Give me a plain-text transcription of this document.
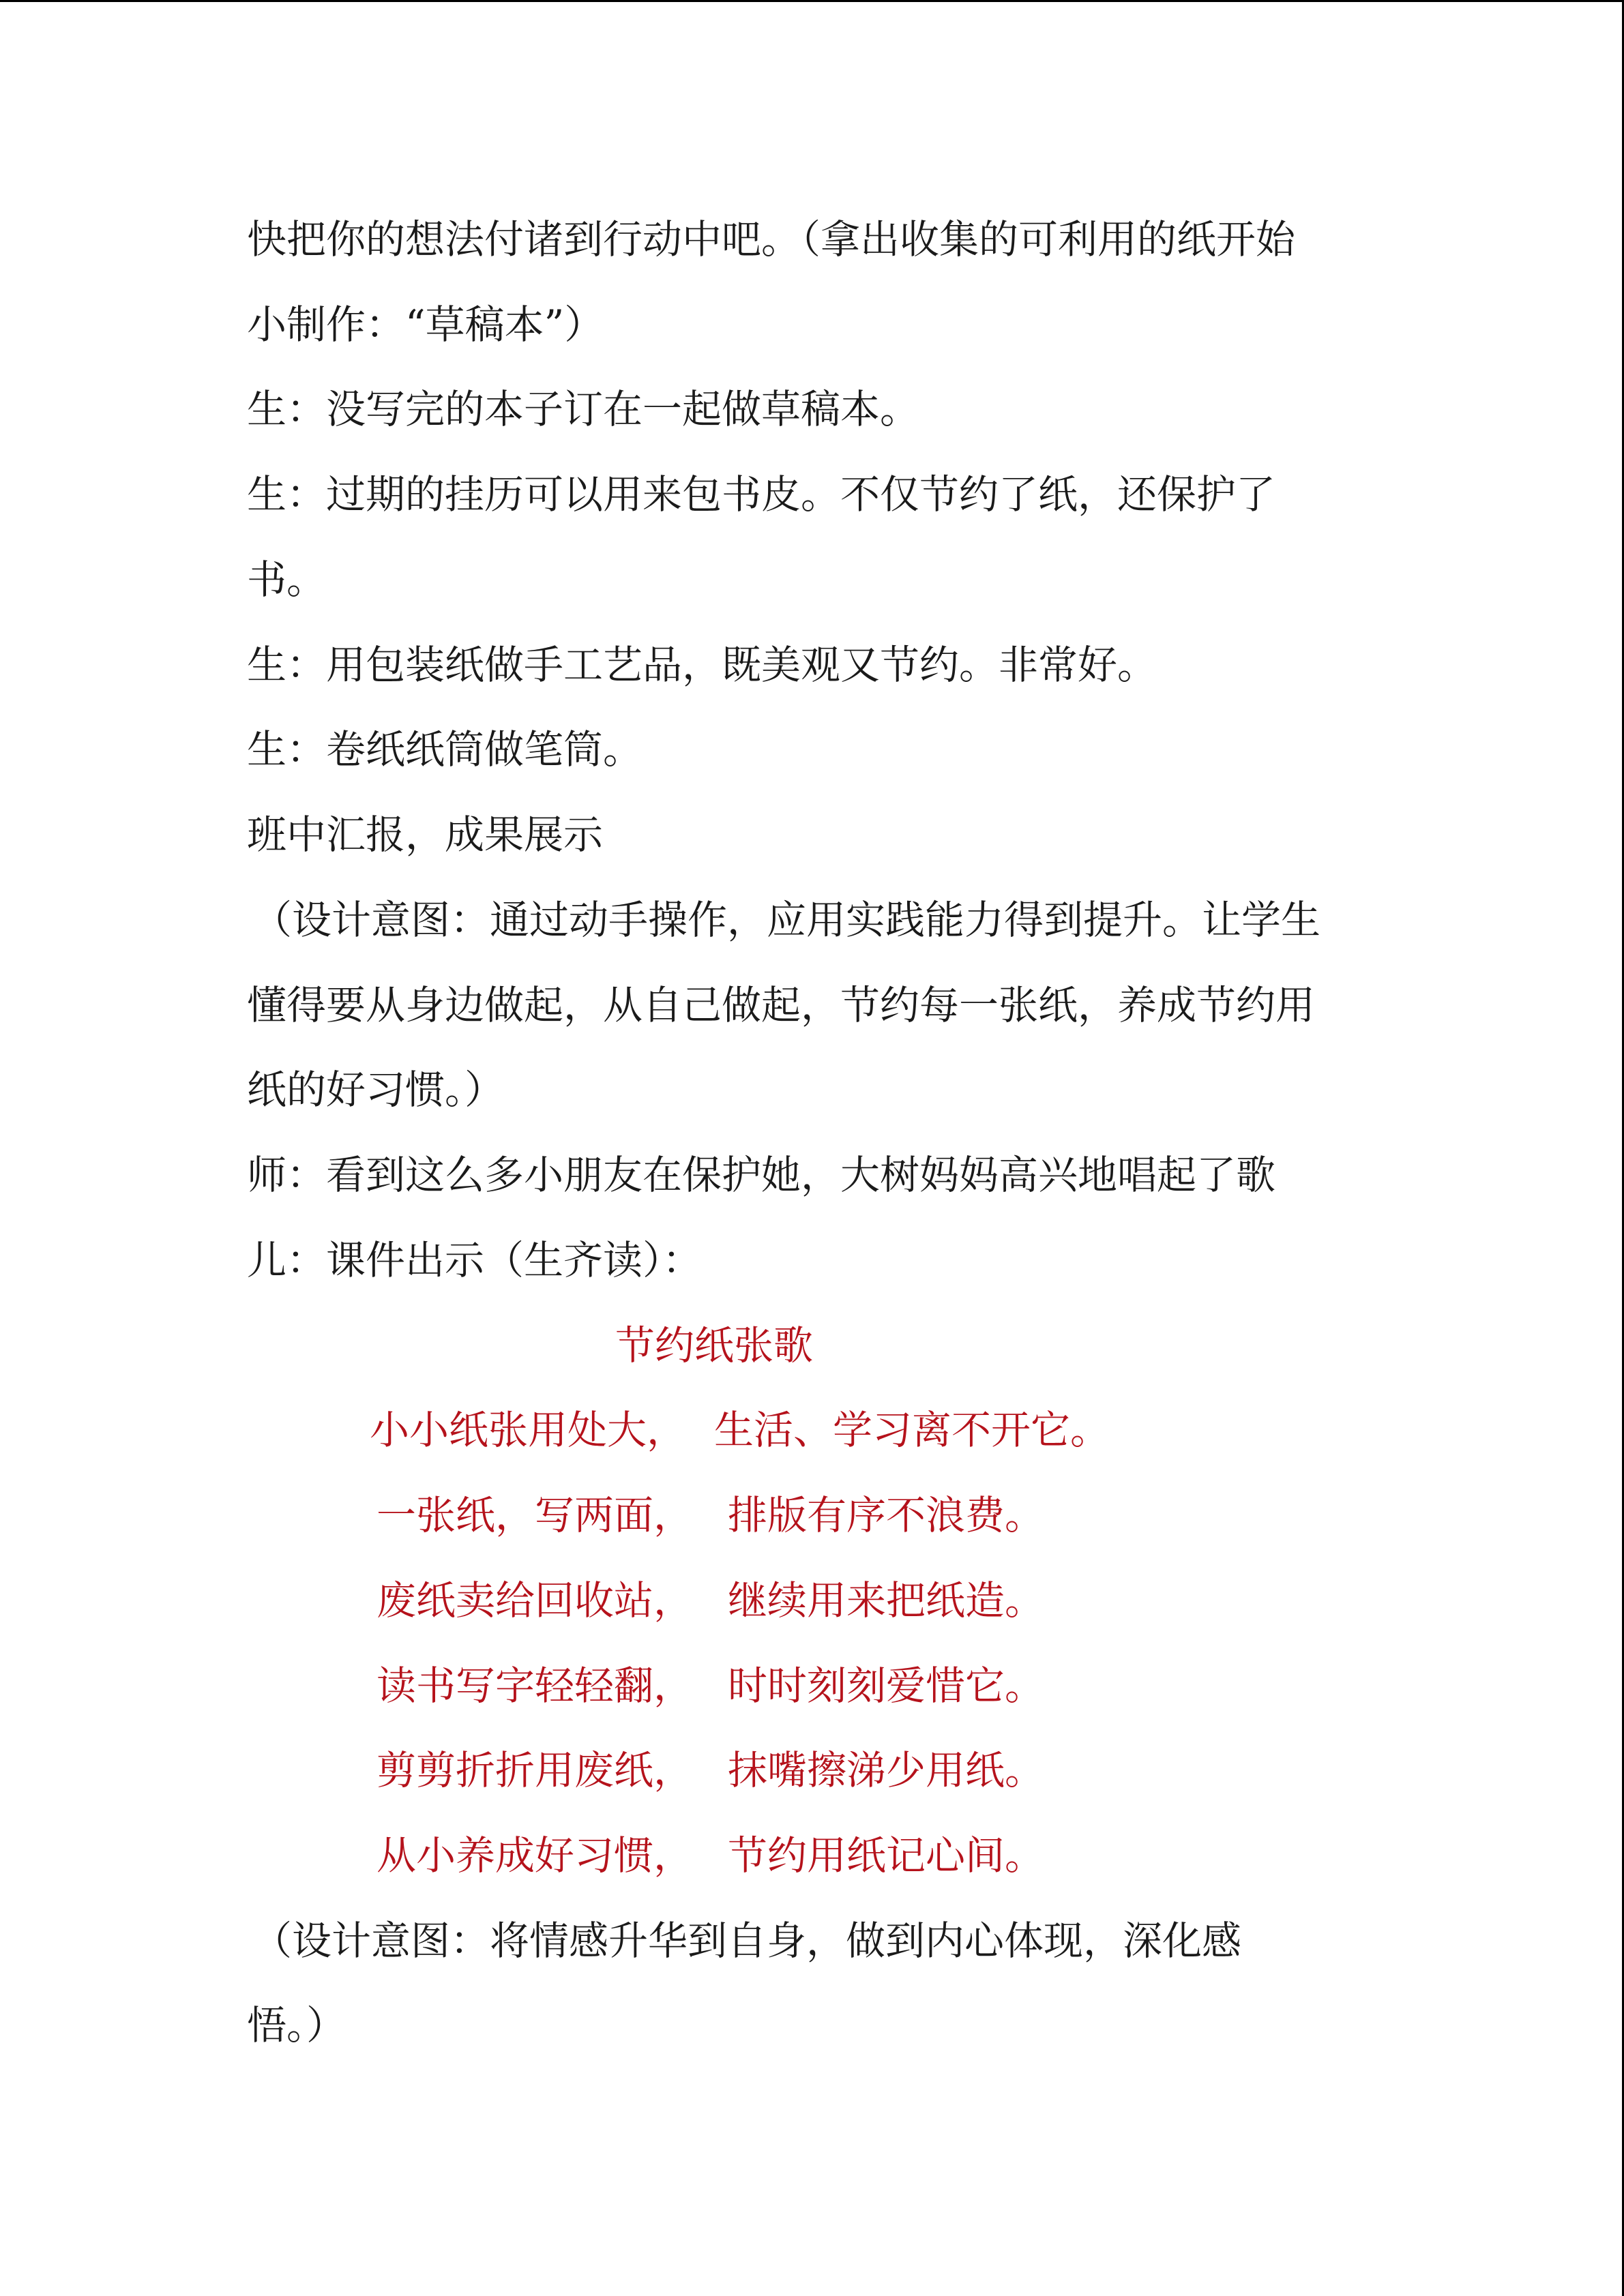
快把你的想法付诸到行动中吧。（拿出收集的可利用的纸开始
小制作：“草稿本”）
生：没写完的本子订在一起做草稿本。
生：过期的挂历可以用来包书皮。不仅节约了纸，还保护了
书。
生：用包装纸做手工艺品，既美观又节约。非常好。
生：卷纸纸筒做笔筒。
班中汇报，成果展示
（设计意图：通过动手操作，应用实践能力得到提升。让学生
懂得要从身边做起，从自己做起，节约每一张纸，养成节约用
纸的好习惯。）
师：看到这么多小朋友在保护她，大树妈妈高兴地唱起了歌
儿：课件出示（生齐读）：
节约纸张歌
小小纸张用处大， 生活、学习离不开它。
一张纸，写两面， 排版有序不浪费。
废纸卖给回收站， 继续用来把纸造。
读书写字轻轻翻， 时时刻刻爱惜它。
剪剪折折用废纸， 抹嘴擦涕少用纸。
从小养成好习惯， 节约用纸记心间。
（设计意图：将情感升华到自身，做到内心体现，深化感
悟。）
